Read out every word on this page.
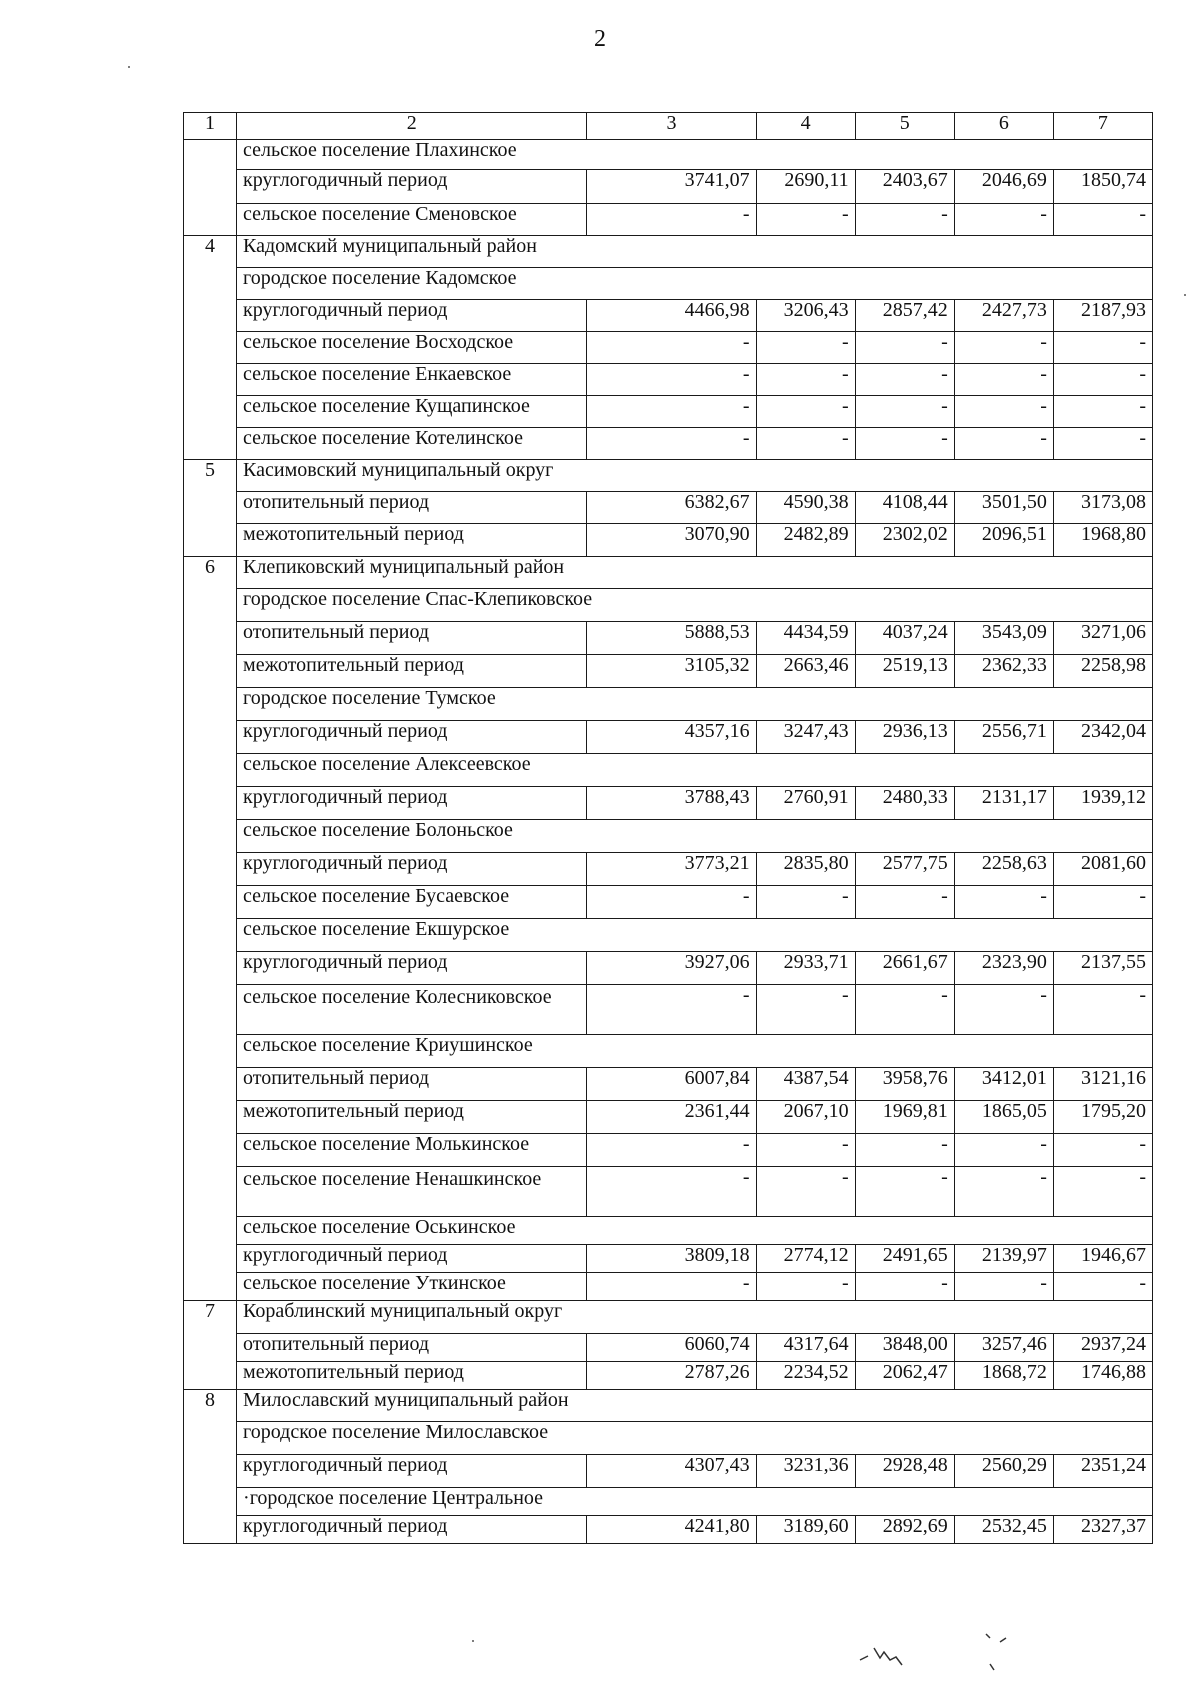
2
1	2	3	4	5	6	7
	сельское поселение Плахинское					
	круглогодичный период	3741,07	2690,11	2403,67	2046,69	1850,74
	сельское поселение Сменовское	-	-	-	-	-
4	Кадомский муниципальный район					
	городское поселение Кадомское					
	круглогодичный период	4466,98	3206,43	2857,42	2427,73	2187,93
	сельское поселение Восходское	-	-	-	-	-
	сельское поселение Енкаевское	-	-	-	-	-
	сельское поселение Кущапинское	-	-	-	-	-
	сельское поселение Котелинское	-	-	-	-	-
5	Касимовский муниципальный округ					
	отопительный период	6382,67	4590,38	4108,44	3501,50	3173,08
	межотопительный период	3070,90	2482,89	2302,02	2096,51	1968,80
6	Клепиковский муниципальный район					
	городское поселение Спас-Клепиковское					
	отопительный период	5888,53	4434,59	4037,24	3543,09	3271,06
	межотопительный период	3105,32	2663,46	2519,13	2362,33	2258,98
	городское поселение Тумское					
	круглогодичный период	4357,16	3247,43	2936,13	2556,71	2342,04
	сельское поселение Алексеевское					
	круглогодичный период	3788,43	2760,91	2480,33	2131,17	1939,12
	сельское поселение Болоньское					
	круглогодичный период	3773,21	2835,80	2577,75	2258,63	2081,60
	сельское поселение Бусаевское	-	-	-	-	-
	сельское поселение Екшурское					
	круглогодичный период	3927,06	2933,71	2661,67	2323,90	2137,55
	сельское поселение Колесниковское	-	-	-	-	-
	сельское поселение Криушинское					
	отопительный период	6007,84	4387,54	3958,76	3412,01	3121,16
	межотопительный период	2361,44	2067,10	1969,81	1865,05	1795,20
	сельское поселение Молькинское	-	-	-	-	-
	сельское поселение Ненашкинское	-	-	-	-	-
	сельское поселение Оськинское					
	круглогодичный период	3809,18	2774,12	2491,65	2139,97	1946,67
	сельское поселение Уткинское	-	-	-	-	-
7	Кораблинский муниципальный округ					
	отопительный период	6060,74	4317,64	3848,00	3257,46	2937,24
	межотопительный период	2787,26	2234,52	2062,47	1868,72	1746,88
8	Милославский муниципальный район					
	городское поселение Милославское					
	круглогодичный период	4307,43	3231,36	2928,48	2560,29	2351,24
	·городское поселение Центральное					
	круглогодичный период	4241,80	3189,60	2892,69	2532,45	2327,37
